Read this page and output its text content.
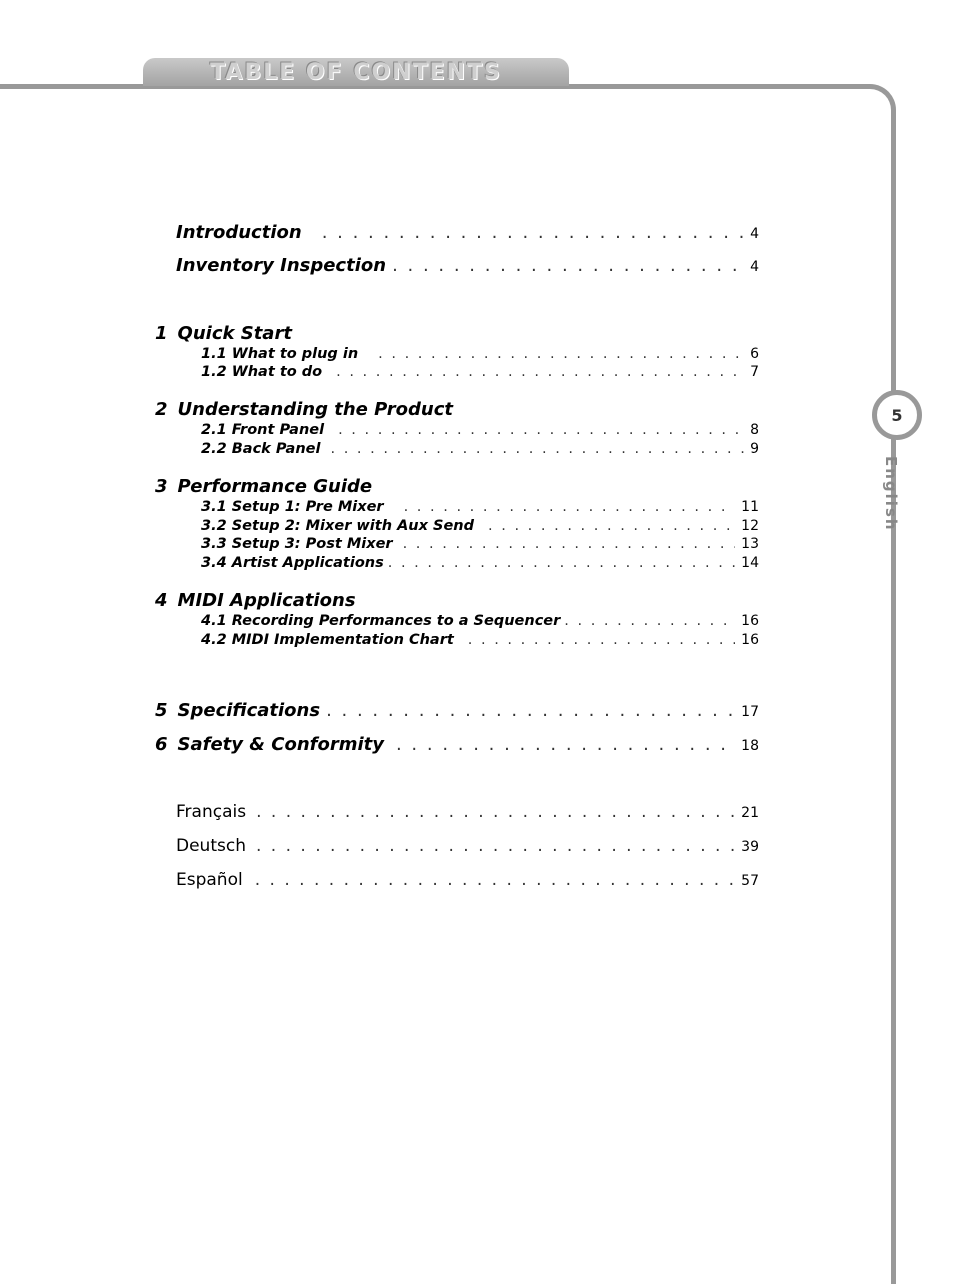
TABLE OF CONTENTS
5
English
Introduction . . .	4
Inventory Inspection . . .	4
1 Quick Start
1.1 What to plug in . . .	6
1.2 What to do . . .	7
2 Understanding the Product
2.1 Front Panel . . .	8
2.2 Back Panel . . .	9
3 Performance Guide
3.1 Setup 1: Pre Mixer . . .	11
3.2 Setup 2: Mixer with Aux Send . . .	12
3.3 Setup 3: Post Mixer . . .	13
3.4 Artist Applications . . .	14
4 MIDI Applications
4.1 Recording Performances to a Sequencer . . .	16
4.2 MIDI Implementation Chart . . .	16
5 Specifications . . .	17
6 Safety & Conformity . . .	18
Français . . .	21
Deutsch . . .	39
Español . . .	57
